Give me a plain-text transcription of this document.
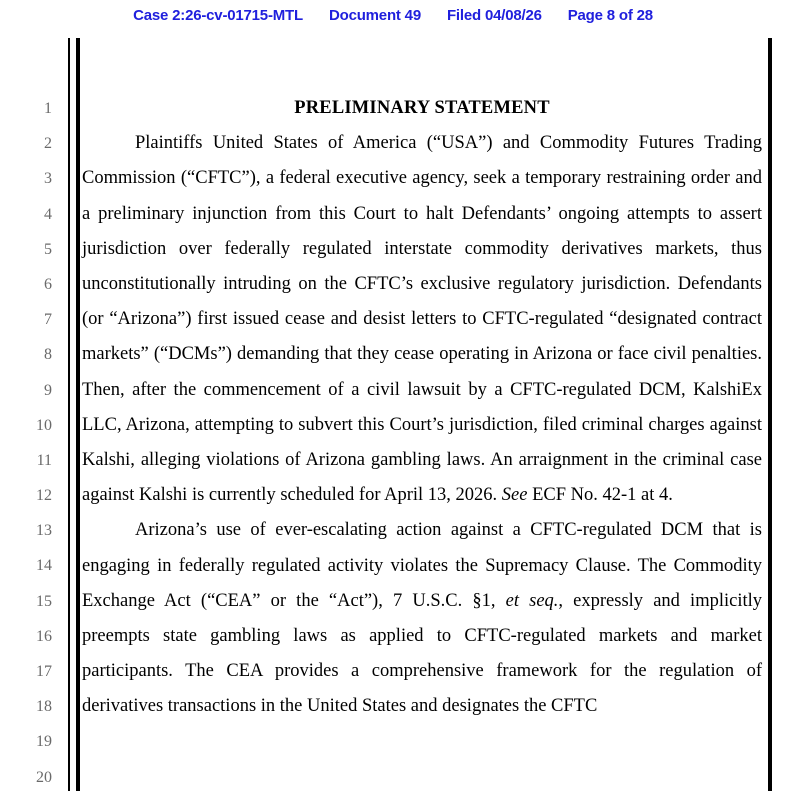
Case 2:26-cv-01715-MTL	Document 49	Filed 04/08/26	Page 8 of 28
1
2
3
4
5
6
7
8
9
10
11
12
13
14
15
16
17
18
19
20
PRELIMINARY STATEMENT

Plaintiffs United States of America (“USA”) and Commodity Futures Trading Commission (“CFTC”), a federal executive agency, seek a temporary restraining order and a preliminary injunction from this Court to halt Defendants’ ongoing attempts to assert jurisdiction over federally regulated interstate commodity derivatives markets, thus unconstitutionally intruding on the CFTC’s exclusive regulatory jurisdiction. Defendants (or “Arizona”) first issued cease and desist letters to CFTC-regulated “designated contract markets” (“DCMs”) demanding that they cease operating in Arizona or face civil penalties. Then, after the commencement of a civil lawsuit by a CFTC-regulated DCM, KalshiEx LLC, Arizona, attempting to subvert this Court’s jurisdiction, filed criminal charges against Kalshi, alleging violations of Arizona gambling laws. An arraignment in the criminal case against Kalshi is currently scheduled for April 13, 2026. See ECF No. 42-1 at 4.

Arizona’s use of ever-escalating action against a CFTC-regulated DCM that is engaging in federally regulated activity violates the Supremacy Clause. The Commodity Exchange Act (“CEA” or the “Act”), 7 U.S.C. §1, et seq., expressly and implicitly preempts state gambling laws as applied to CFTC-regulated markets and market participants. The CEA provides a comprehensive framework for the regulation of derivatives transactions in the United States and designates the CFTC
